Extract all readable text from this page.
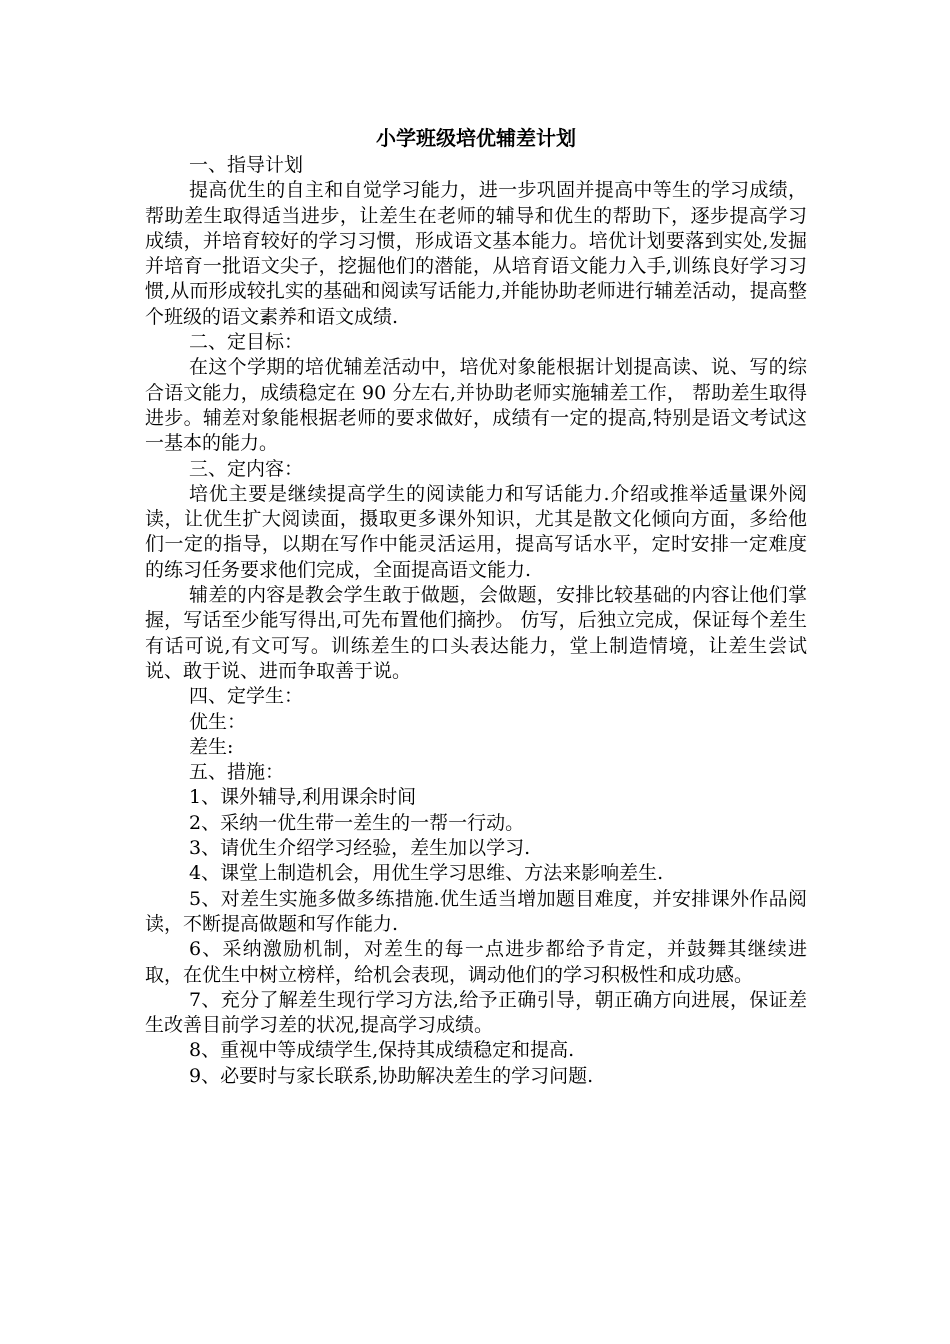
小学班级培优辅差计划

一、指导计划

提高优生的自主和自觉学习能力，进一步巩固并提高中等生的学习成绩，帮助差生取得适当进步，让差生在老师的辅导和优生的帮助下，逐步提高学习成绩，并培育较好的学习习惯，形成语文基本能力。培优计划要落到实处,发掘并培育一批语文尖子，挖掘他们的潜能，从培育语文能力入手,训练良好学习习惯,从而形成较扎实的基础和阅读写话能力,并能协助老师进行辅差活动，提高整个班级的语文素养和语文成绩.

二、定目标：

在这个学期的培优辅差活动中，培优对象能根据计划提高读、说、写的综合语文能力，成绩稳定在 90 分左右,并协助老师实施辅差工作， 帮助差生取得进步。辅差对象能根据老师的要求做好，成绩有一定的提高,特别是语文考试这一基本的能力。

三、定内容：

培优主要是继续提高学生的阅读能力和写话能力.介绍或推举适量课外阅读，让优生扩大阅读面，摄取更多课外知识，尤其是散文化倾向方面，多给他们一定的指导，以期在写作中能灵活运用，提高写话水平，定时安排一定难度的练习任务要求他们完成，全面提高语文能力.

辅差的内容是教会学生敢于做题，会做题，安排比较基础的内容让他们掌握，写话至少能写得出,可先布置他们摘抄。 仿写，后独立完成，保证每个差生有话可说,有文可写。训练差生的口头表达能力，堂上制造情境，让差生尝试说、敢于说、进而争取善于说。

四、定学生：

优生：

差生:

五、措施：

1、课外辅导,利用课余时间

2、采纳一优生带一差生的一帮一行动。

3、请优生介绍学习经验，差生加以学习.

4、课堂上制造机会，用优生学习思维、方法来影响差生.

5、对差生实施多做多练措施.优生适当增加题目难度，并安排课外作品阅读，不断提高做题和写作能力.

6、采纳激励机制，对差生的每一点进步都给予肯定，并鼓舞其继续进取，在优生中树立榜样，给机会表现，调动他们的学习积极性和成功感。

7、充分了解差生现行学习方法,给予正确引导，朝正确方向进展，保证差生改善目前学习差的状况,提高学习成绩。

8、重视中等成绩学生,保持其成绩稳定和提高.

9、必要时与家长联系,协助解决差生的学习问题.
